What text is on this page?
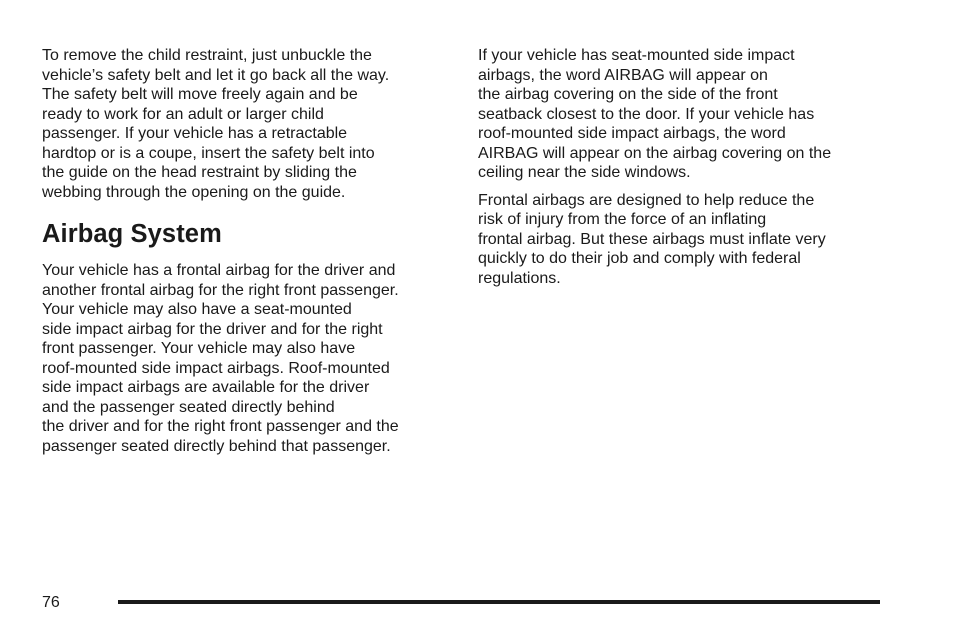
To remove the child restraint, just unbuckle the
vehicle’s safety belt and let it go back all the way.
The safety belt will move freely again and be
ready to work for an adult or larger child
passenger. If your vehicle has a retractable
hardtop or is a coupe, insert the safety belt into
the guide on the head restraint by sliding the
webbing through the opening on the guide.

Airbag System

Your vehicle has a frontal airbag for the driver and
another frontal airbag for the right front passenger.
Your vehicle may also have a seat-mounted
side impact airbag for the driver and for the right
front passenger. Your vehicle may also have
roof-mounted side impact airbags. Roof-mounted
side impact airbags are available for the driver
and the passenger seated directly behind
the driver and for the right front passenger and the
passenger seated directly behind that passenger.

If your vehicle has seat-mounted side impact
airbags, the word AIRBAG will appear on
the airbag covering on the side of the front
seatback closest to the door. If your vehicle has
roof-mounted side impact airbags, the word
AIRBAG will appear on the airbag covering on the
ceiling near the side windows.

Frontal airbags are designed to help reduce the
risk of injury from the force of an inflating
frontal airbag. But these airbags must inflate very
quickly to do their job and comply with federal
regulations.

76
